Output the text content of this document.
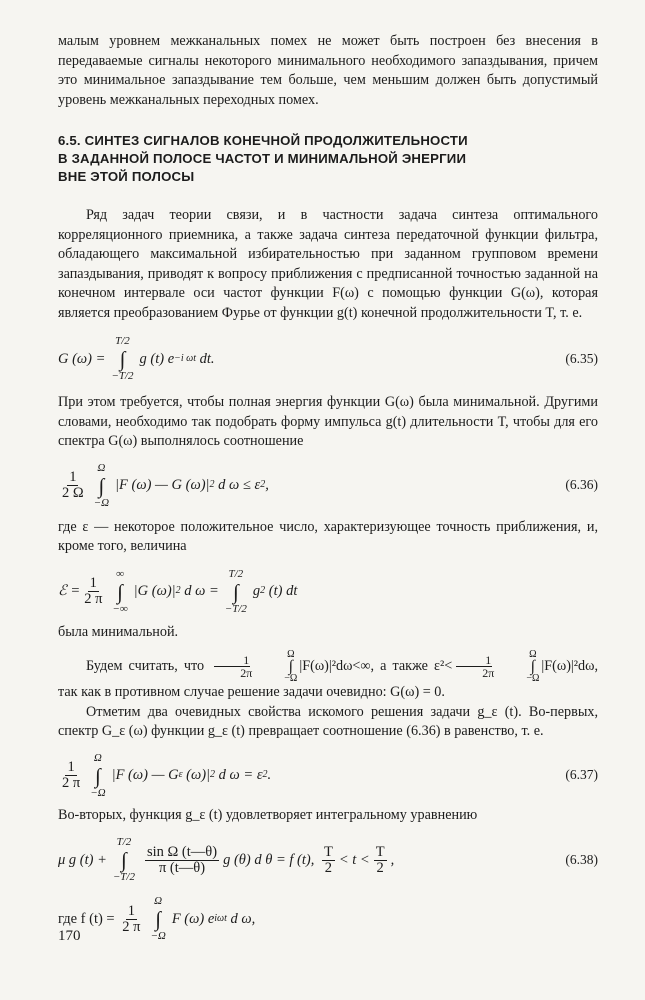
малым уровнем межканальных помех не может быть построен без внесения в передаваемые сигналы некоторого минимального необходимого запаздывания, причем это минимальное запаздывание тем больше, чем меньшим должен быть допустимый уровень межканальных переходных помех.

6.5. СИНТЕЗ СИГНАЛОВ КОНЕЧНОЙ ПРОДОЛЖИТЕЛЬНОСТИ
В ЗАДАННОЙ ПОЛОСЕ ЧАСТОТ И МИНИМАЛЬНОЙ ЭНЕРГИИ
ВНЕ ЭТОЙ ПОЛОСЫ

Ряд задач теории связи, и в частности задача синтеза оптимального корреляционного приемника, а также задача синтеза передаточной функции фильтра, обладающего максимальной избирательностью при заданном групповом времени запаздывания, приводят к вопросу приближения с предписанной точностью заданной на конечном интервале оси частот функции F(ω) с помощью функции G(ω), которая является преобразованием Фурье от функции g(t) конечной продолжительности T, т. е.

G (ω) =
T/2
∫
−T/2
g (t) e −i ωt
dt.	(6.35)

При этом требуется, чтобы полная энергия функции G(ω) была минимальной. Другими словами, необходимо так подобрать форму импульса g(t) длительности T, чтобы для его спектра G(ω) выполнялось соотношение

$\frac{1}{2 \Omega}$
Ω
∫
−Ω
|F (ω) — G (ω)| 2
d ω ≤ ε 2 ,	(6.36)

где ε — некоторое положительное число, характеризующее точность приближения, и, кроме того, величина

ℰ = $\frac{1}{2 \pi}$
∞
∫
−∞
|G (ω)| 2
d ω =
T/2
∫
−T/2
g 2
(t) dt

была минимальной.

Будем считать, что $\frac{1}{2\pi}$	Ω
∫
−Ω
|F(ω)|²dω<∞, а также $\varepsilon^2< \frac{1}{2\pi}$	Ω
∫
−Ω
|F(ω)|²dω, так как в противном случае решение задачи очевидно: G(ω) = 0.

Отметим два очевидных свойства искомого решения задачи g_ε (t). Во-первых, спектр G_ε (ω) функции g_ε (t) превращает соотношение (6.36) в равенство, т. е.

$\frac{1}{2 \pi}$
Ω
∫
−Ω
|F (ω) — G ε
(ω)| 2
d ω = ε 2 .	(6.37)

Во-вторых, функция g_ε (t) удовлетворяет интегральному уравнению

μ g (t) +
T/2
∫
−T/2
$\frac{\text{sin Ω (t—θ)}}{\pi (t—\theta)}$ g (θ) d θ = f (t),
$\frac{T}{2} < t < \frac{T}{2}$ ,	(6.38)
где f (t) =
$\frac{1}{2 \pi}$
Ω
∫
−Ω
F (ω) e iωt
d ω,
170
